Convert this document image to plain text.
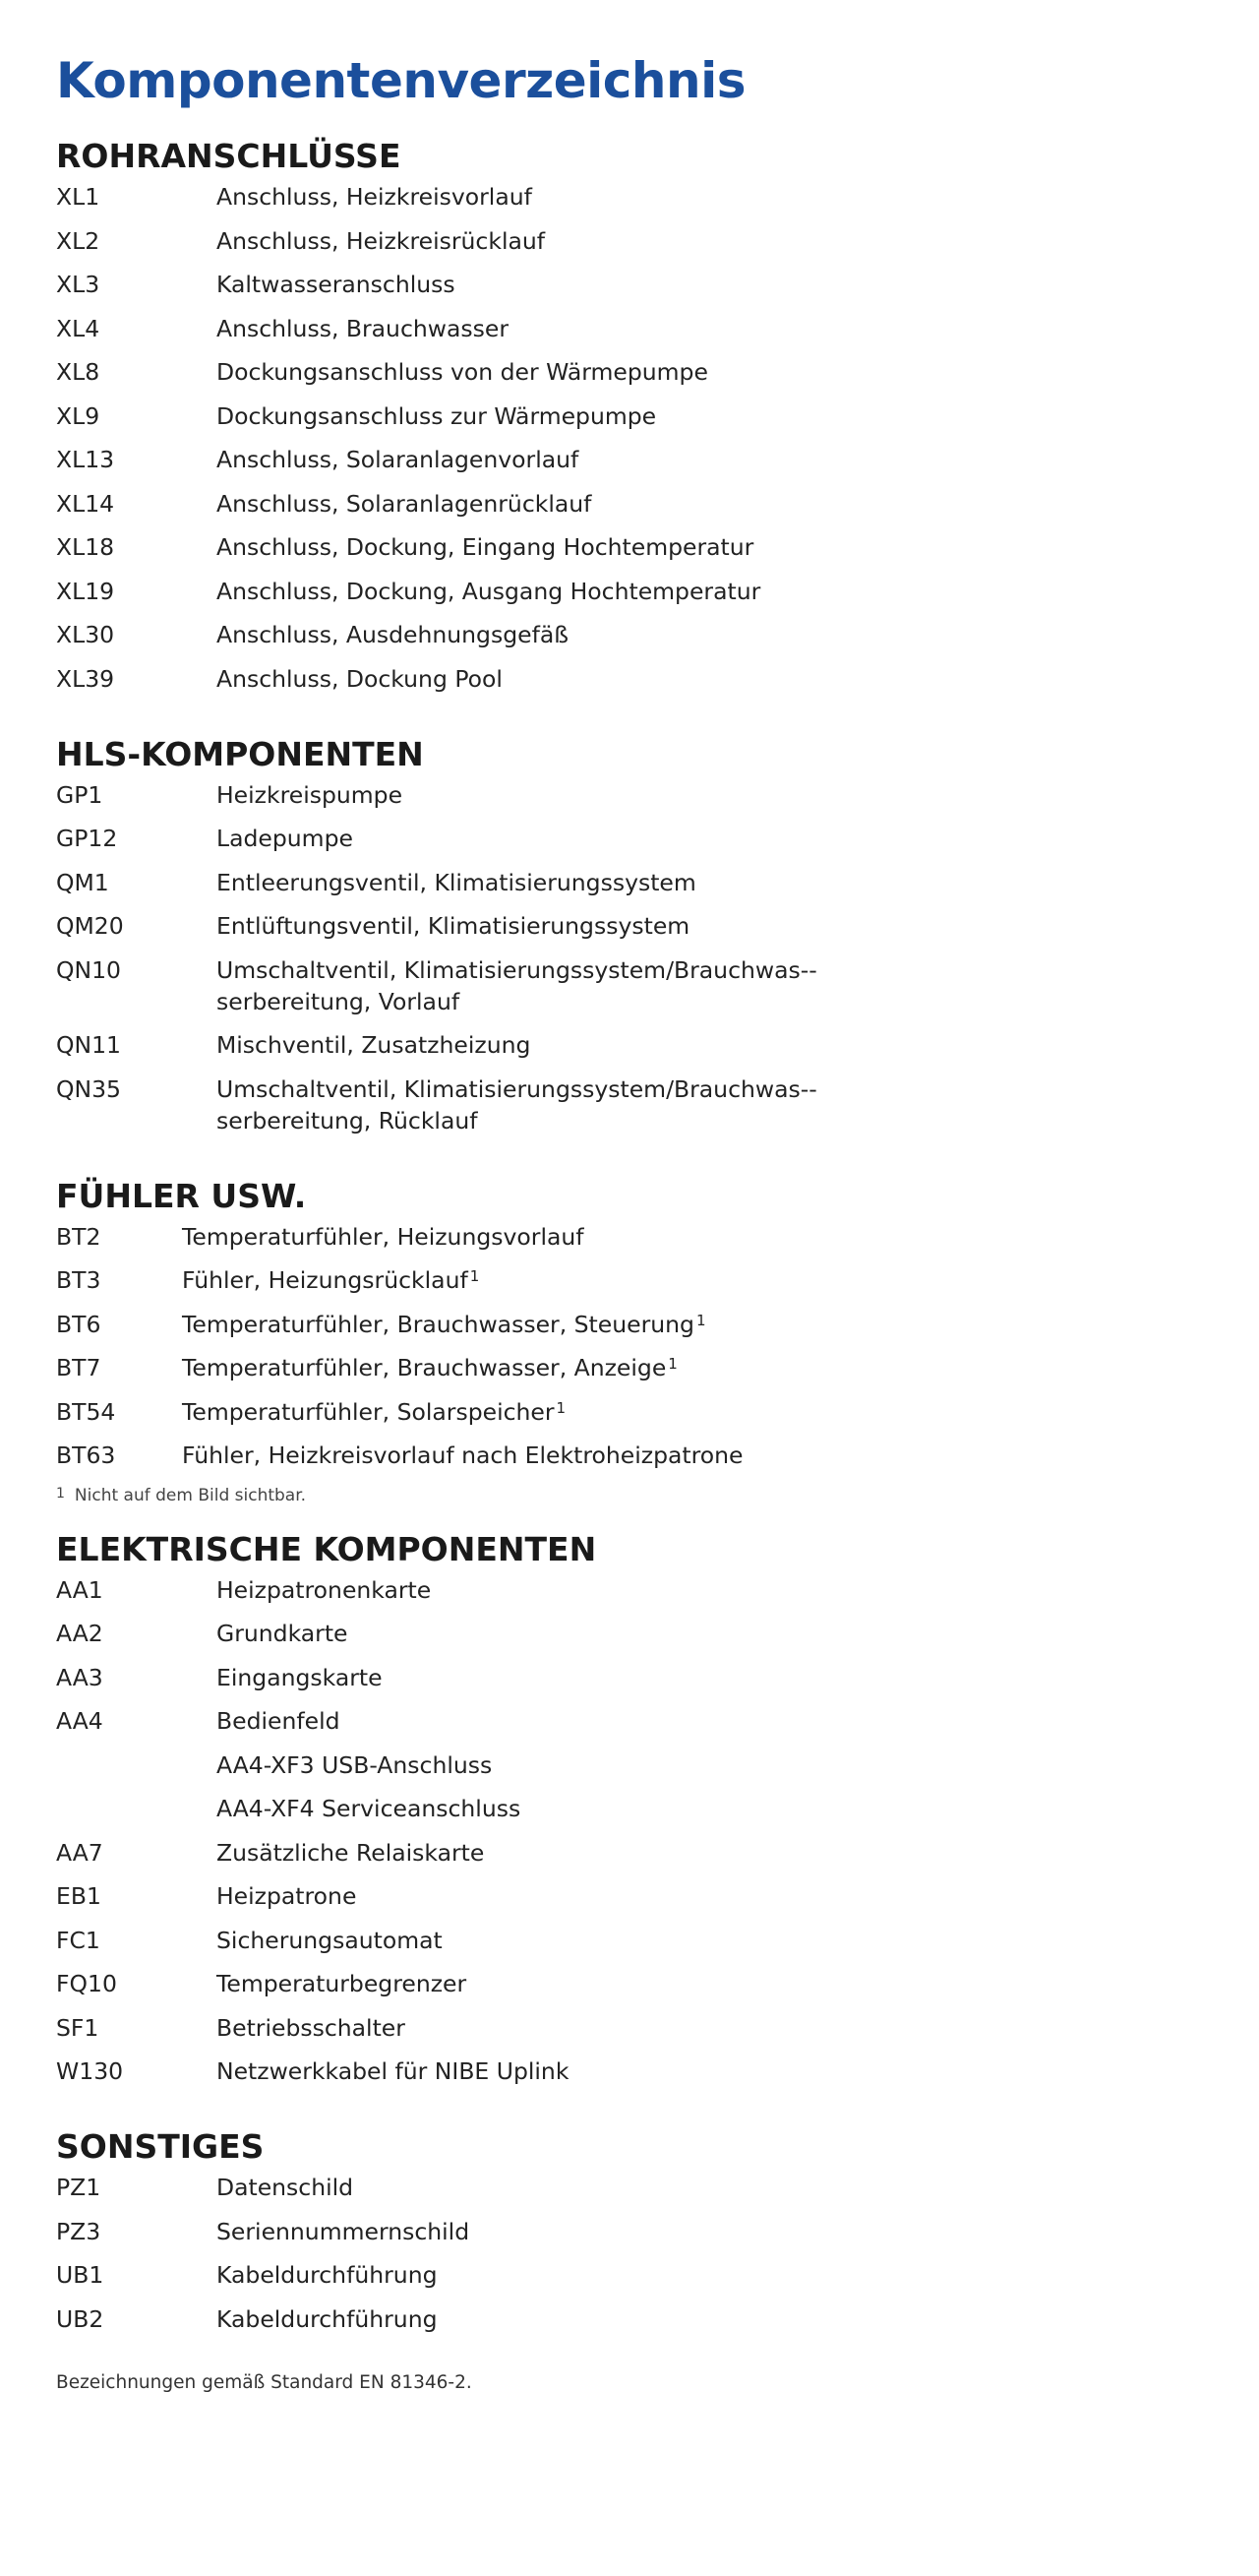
Komponentenverzeichnis
ROHRANSCHLÜSSE
XL1	Anschluss, Heizkreisvorlauf
XL2	Anschluss, Heizkreisrücklauf
XL3	Kaltwasseranschluss
XL4	Anschluss, Brauchwasser
XL8	Dockungsanschluss von der Wärmepumpe
XL9	Dockungsanschluss zur Wärmepumpe
XL13	Anschluss, Solaranlagenvorlauf
XL14	Anschluss, Solaranlagenrücklauf
XL18	Anschluss, Dockung, Eingang Hochtemperatur
XL19	Anschluss, Dockung, Ausgang Hochtemperatur
XL30	Anschluss, Ausdehnungsgefäß
XL39	Anschluss, Dockung Pool
HLS-KOMPONENTEN
GP1	Heizkreispumpe
GP12	Ladepumpe
QM1	Entleerungsventil, Klimatisierungssystem
QM20	Entlüftungsventil, Klimatisierungssystem
QN10	Umschaltventil, Klimatisierungssystem/Brauchwas-serbereitung, Vorlauf
QN11	Mischventil, Zusatzheizung
QN35	Umschaltventil, Klimatisierungssystem/Brauchwas-serbereitung, Rücklauf
FÜHLER USW.
BT2	Temperaturfühler, Heizungsvorlauf
BT3	Fühler, Heizungsrücklauf $^1$
BT6	Temperaturfühler, Brauchwasser, Steuerung $^1$
BT7	Temperaturfühler, Brauchwasser, Anzeige $^1$
BT54	Temperaturfühler, Solarspeicher $^1$
BT63	Fühler, Heizkreisvorlauf nach Elektroheizpatrone
$^1$ Nicht auf dem Bild sichtbar.
ELEKTRISCHE KOMPONENTEN
AA1	Heizpatronenkarte
AA2	Grundkarte
AA3	Eingangskarte
AA4	Bedienfeld
AA4-XF3 USB-Anschluss
AA4-XF4 Serviceanschluss
AA7	Zusätzliche Relaiskarte
EB1	Heizpatrone
FC1	Sicherungsautomat
FQ10	Temperaturbegrenzer
SF1	Betriebsschalter
W130	Netzwerkkabel für NIBE Uplink
SONSTIGES
PZ1	Datenschild
PZ3	Seriennummernschild
UB1	Kabeldurchführung
UB2	Kabeldurchführung
Bezeichnungen gemäß Standard EN 81346-2.
